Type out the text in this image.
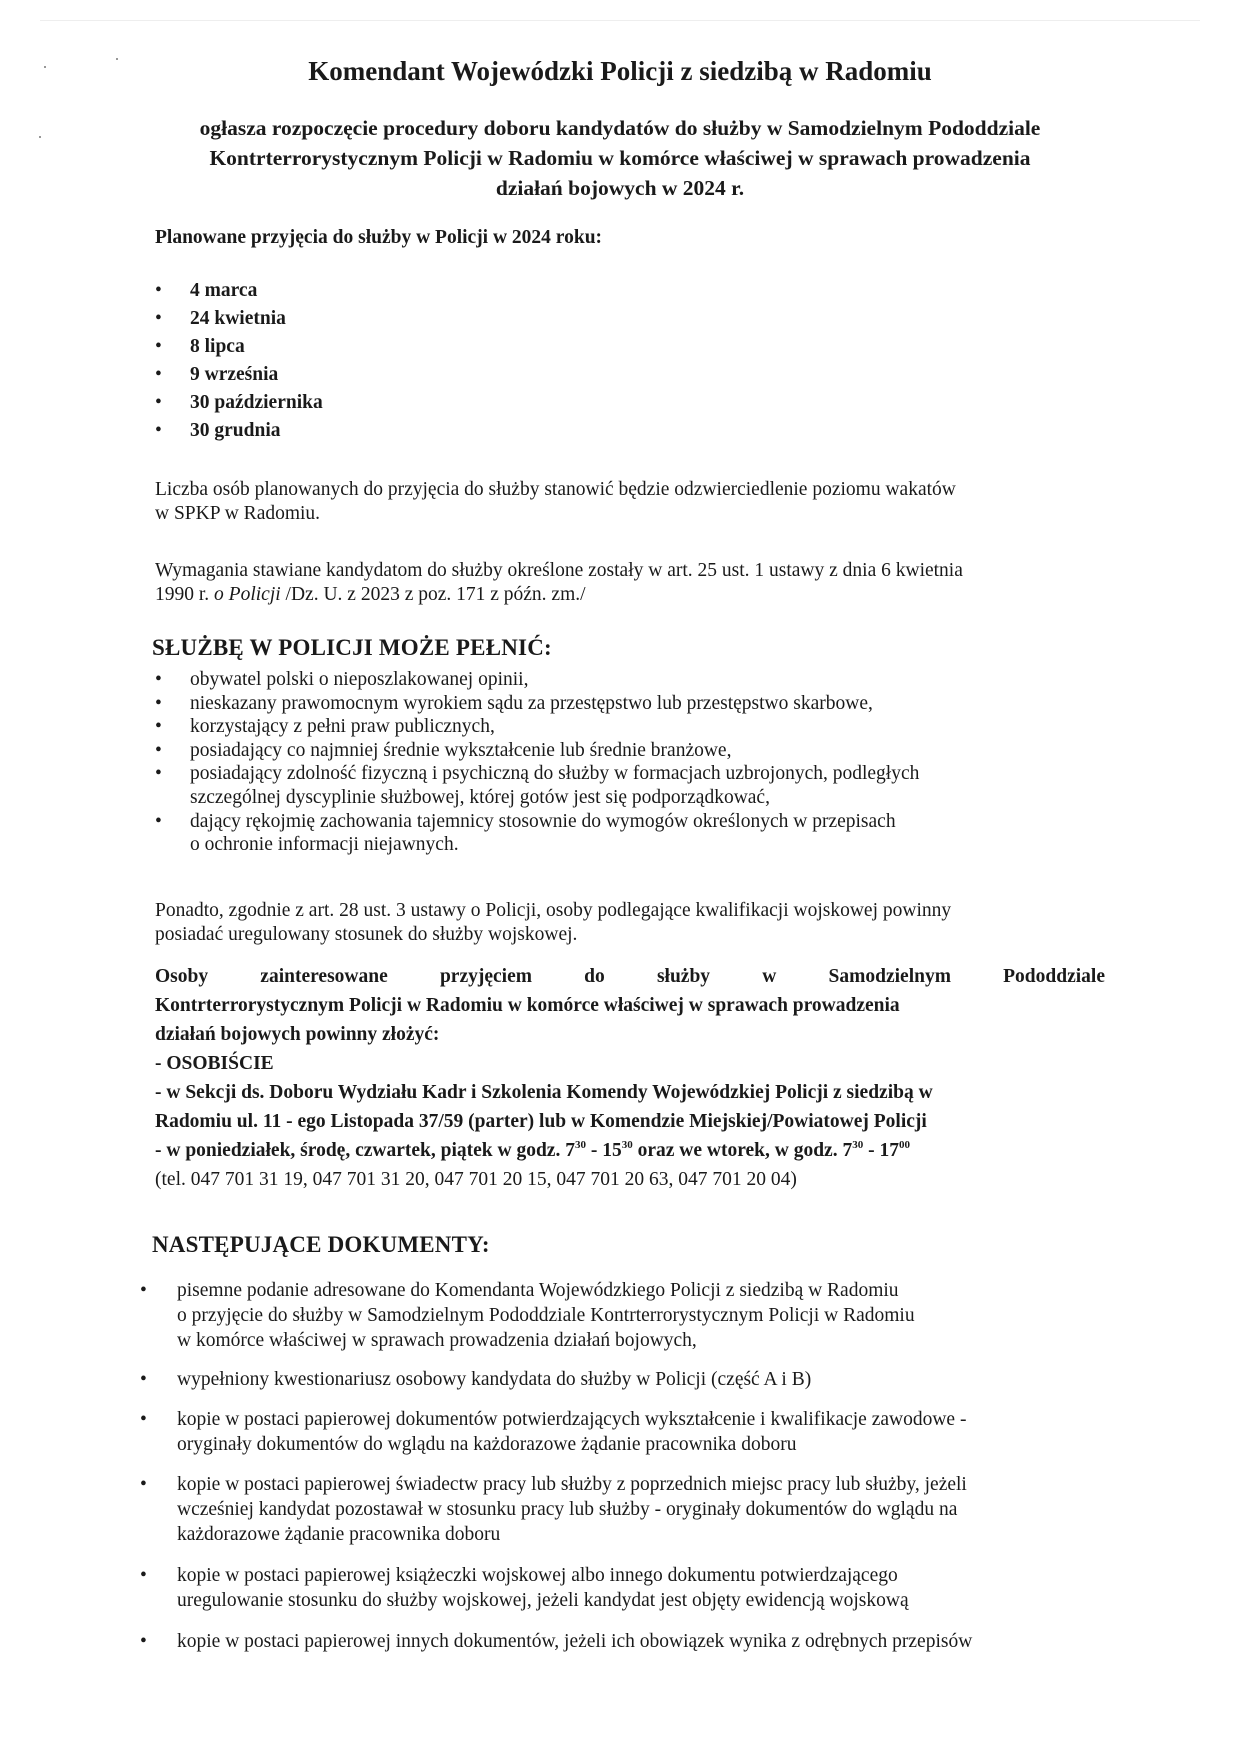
Komendant Wojewódzki Policji z siedzibą w Radomiu
ogłasza rozpoczęcie procedury doboru kandydatów do służby w Samodzielnym Pododdziale
Kontrterrorystycznym Policji w Radomiu w komórce właściwej w sprawach prowadzenia
działań bojowych w 2024 r.
Planowane przyjęcia do służby w Policji w 2024 roku:
• 4 marca
• 24 kwietnia
• 8 lipca
• 9 września
• 30 października
• 30 grudnia
Liczba osób planowanych do przyjęcia do służby stanowić będzie odzwierciedlenie poziomu wakatów
w SPKP w Radomiu.
Wymagania stawiane kandydatom do służby określone zostały w art. 25 ust. 1 ustawy z dnia 6 kwietnia
1990 r. o Policji /Dz. U. z 2023 z poz. 171 z późn. zm./
SŁUŻBĘ W POLICJI MOŻE PEŁNIĆ:
• obywatel polski o nieposzlakowanej opinii,
• nieskazany prawomocnym wyrokiem sądu za przestępstwo lub przestępstwo skarbowe,
• korzystający z pełni praw publicznych,
• posiadający co najmniej średnie wykształcenie lub średnie branżowe,
• posiadający zdolność fizyczną i psychiczną do służby w formacjach uzbrojonych, podległych
szczególnej dyscyplinie służbowej, której gotów jest się podporządkować,
• dający rękojmię zachowania tajemnicy stosownie do wymogów określonych w przepisach
o ochronie informacji niejawnych.
Ponadto, zgodnie z art. 28 ust. 3 ustawy o Policji, osoby podlegające kwalifikacji wojskowej powinny
posiadać uregulowany stosunek do służby wojskowej.
Osoby	zainteresowane	przyjęciem	do	służby	w	Samodzielnym	Pododdziale
Kontrterrorystycznym Policji w Radomiu w komórce właściwej w sprawach prowadzenia
działań bojowych powinny złożyć:
- OSOBIŚCIE
- w Sekcji ds. Doboru Wydziału Kadr i Szkolenia Komendy Wojewódzkiej Policji z siedzibą w
Radomiu ul. 11 - ego Listopada 37/59 (parter) lub w Komendzie Miejskiej/Powiatowej Policji
- w poniedziałek, środę, czwartek, piątek w godz. $7^{30} - 15^{30}$ oraz we wtorek, w godz. $7^{30} - 17^{00}$
(tel. 047 701 31 19, 047 701 31 20, 047 701 20 15, 047 701 20 63, 047 701 20 04)
NASTĘPUJĄCE DOKUMENTY:
• pisemne podanie adresowane do Komendanta Wojewódzkiego Policji z siedzibą w Radomiu
o przyjęcie do służby w Samodzielnym Pododdziale Kontrterrorystycznym Policji w Radomiu
w komórce właściwej w sprawach prowadzenia działań bojowych,
• wypełniony kwestionariusz osobowy kandydata do służby w Policji (część A i B)
• kopie w postaci papierowej dokumentów potwierdzających wykształcenie i kwalifikacje zawodowe -
oryginały dokumentów do wglądu na każdorazowe żądanie pracownika doboru
• kopie w postaci papierowej świadectw pracy lub służby z poprzednich miejsc pracy lub służby, jeżeli
wcześniej kandydat pozostawał w stosunku pracy lub służby - oryginały dokumentów do wglądu na
każdorazowe żądanie pracownika doboru
• kopie w postaci papierowej książeczki wojskowej albo innego dokumentu potwierdzającego
uregulowanie stosunku do służby wojskowej, jeżeli kandydat jest objęty ewidencją wojskową
• kopie w postaci papierowej innych dokumentów, jeżeli ich obowiązek wynika z odrębnych przepisów
